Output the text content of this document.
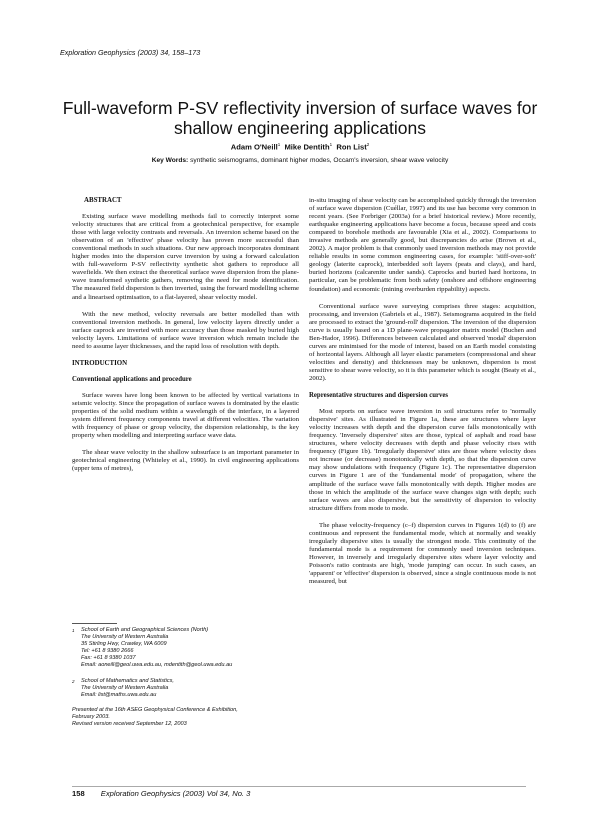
Exploration Geophysics (2003) 34, 158–173
Full-waveform P-SV reflectivity inversion of surface waves for
shallow engineering applications
Adam O'Neill$^1$ Mike Dentith$^1$ Ron List$^2$
Key Words: synthetic seismograms, dominant higher modes, Occam's inversion, shear wave velocity
ABSTRACT

Existing surface wave modelling methods fail to correctly interpret some velocity structures that are critical from a geotechnical perspective, for example those with large velocity contrasts and reversals. An inversion scheme based on the observation of an 'effective' phase velocity has proven more successful than conventional methods in such situations. Our new approach incorporates dominant higher modes into the dispersion curve inversion by using a forward calculation with full-waveform P-SV reflectivity synthetic shot gathers to reproduce all wavefields. We then extract the theoretical surface wave dispersion from the plane-wave transformed synthetic gathers, removing the need for mode identification. The measured field dispersion is then inverted, using the forward modelling scheme and a linearised optimisation, to a flat-layered, shear velocity model.

With the new method, velocity reversals are better modelled than with conventional inversion methods. In general, low velocity layers directly under a surface caprock are inverted with more accuracy than those masked by buried high velocity layers. Limitations of surface wave inversion which remain include the need to assume layer thicknesses, and the rapid loss of resolution with depth.

INTRODUCTION
Conventional applications and procedure

Surface waves have long been known to be affected by vertical variations in seismic velocity. Since the propagation of surface waves is dominated by the elastic properties of the solid medium within a wavelength of the interface, in a layered system different frequency components travel at different velocities. The variation with frequency of phase or group velocity, the dispersion relationship, is the key property when modelling and interpreting surface wave data.

The shear wave velocity in the shallow subsurface is an important parameter in geotechnical engineering (Whiteley et al., 1990). In civil engineering applications (upper tens of metres),

1	School of Earth and Geographical Sciences (North)
The University of Western Australia
35 Stirling Hwy, Crawley, WA 6009
Tel: +61 8 9380 2666
Fax: +61 8 9380 1037
Email: aoneill@geol.uwa.edu.au, mdentith@geol.uwa.edu.au
2	School of Mathematics and Statistics,
The University of Western Australia
Email: list@maths.uwa.edu.au
Presented at the 16th ASEG Geophysical Conference & Exhibition,
February 2003.
Revised version received September 12, 2003

in-situ imaging of shear velocity can be accomplished quickly through the inversion of surface wave dispersion (Cuéllar, 1997) and its use has become very common in recent years. (See Forbriger (2003a) for a brief historical review.) More recently, earthquake engineering applications have become a focus, because speed and costs compared to borehole methods are favourable (Xia et al., 2002). Comparisons to invasive methods are generally good, but discrepancies do arise (Brown et al., 2002). A major problem is that commonly used inversion methods may not provide reliable results in some common engineering cases, for example: 'stiff-over-soft' geology (laterite caprock), interbedded soft layers (peats and clays), and hard, buried horizons (calcarenite under sands). Caprocks and buried hard horizons, in particular, can be problematic from both safety (onshore and offshore engineering foundation) and economic (mining overburden rippability) aspects.

Conventional surface wave surveying comprises three stages: acquisition, processing, and inversion (Gabriels et al., 1987). Seismograms acquired in the field are processed to extract the 'ground-roll' dispersion. The inversion of the dispersion curve is usually based on a 1D plane-wave propagator matrix model (Buchen and Ben-Hador, 1996). Differences between calculated and observed 'modal' dispersion curves are minimised for the mode of interest, based on an Earth model consisting of horizontal layers. Although all layer elastic parameters (compressional and shear velocities and density) and thicknesses may be unknown, dispersion is most sensitive to shear wave velocity, so it is this parameter which is sought (Beaty et al., 2002).

Representative structures and dispersion curves

Most reports on surface wave inversion in soil structures refer to 'normally dispersive' sites. As illustrated in Figure 1a, these are structures where layer velocity increases with depth and the dispersion curve falls monotonically with frequency. 'Inversely dispersive' sites are those, typical of asphalt and road base structures, where velocity decreases with depth and phase velocity rises with frequency (Figure 1b). 'Irregularly dispersive' sites are those where velocity does not increase (or decrease) monotonically with depth, so that the dispersion curve may show undulations with frequency (Figure 1c). The representative dispersion curves in Figure 1 are of the 'fundamental mode' of propagation, where the amplitude of the surface wave falls monotonically with depth. Higher modes are those in which the amplitude of the surface wave changes sign with depth; such surface waves are also dispersive, but the sensitivity of dispersion to velocity structure differs from mode to mode.

The phase velocity-frequency (c–f) dispersion curves in Figures 1(d) to (f) are continuous and represent the fundamental mode, which at normally and weakly irregularly dispersive sites is usually the strongest mode. This continuity of the fundamental mode is a requirement for commonly used inversion techniques. However, in inversely and irregularly dispersive sites where layer velocity and Poisson's ratio contrasts are high, 'mode jumping' can occur. In such cases, an 'apparent' or 'effective' dispersion is observed, since a single continuous mode is not measured, but

158 Exploration Geophysics (2003) Vol 34, No. 3
